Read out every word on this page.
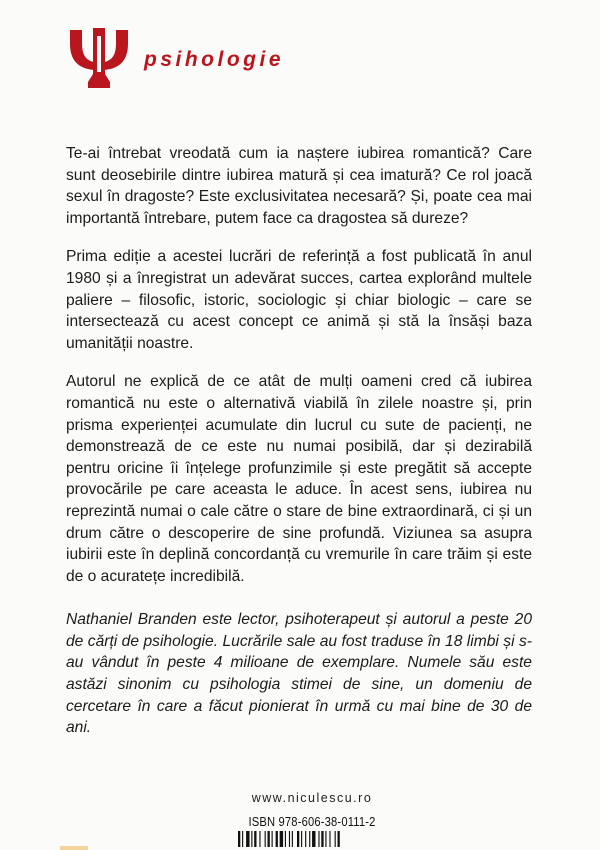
psihologie

Te-ai întrebat vreodată cum ia naștere iubirea romantică? Care sunt deosebirile dintre iubirea matură și cea imatură? Ce rol joacă sexul în dragoste? Este exclusivitatea necesară? Și, poate cea mai importantă întrebare, putem face ca dragostea să dureze?

Prima ediție a acestei lucrări de referință a fost publicată în anul 1980 și a înregistrat un adevărat succes, cartea explorând multele paliere – filosofic, istoric, sociologic și chiar biologic – care se intersectează cu acest concept ce animă și stă la însăși baza umanității noastre.

Autorul ne explică de ce atât de mulți oameni cred că iubirea romantică nu este o alternativă viabilă în zilele noastre și, prin prisma experienței acumulate din lucrul cu sute de pacienți, ne demonstrează de ce este nu numai posibilă, dar și dezirabilă pentru oricine îi înțelege profunzimile și este pregătit să accepte provocările pe care aceasta le aduce. În acest sens, iubirea nu reprezintă numai o cale către o stare de bine extraordinară, ci și un drum către o descoperire de sine profundă. Viziunea sa asupra iubirii este în deplină concordanță cu vremurile în care trăim și este de o acuratețe incredibilă.

Nathaniel Branden este lector, psihoterapeut și autorul a peste 20 de cărți de psihologie. Lucrările sale au fost traduse în 18 limbi și s-au vândut în peste 4 milioane de exemplare. Numele său este astăzi sinonim cu psihologia stimei de sine, un domeniu de cercetare în care a făcut pionierat în urmă cu mai bine de 30 de ani.

www.niculescu.ro
ISBN 978-606-38-0111-2
